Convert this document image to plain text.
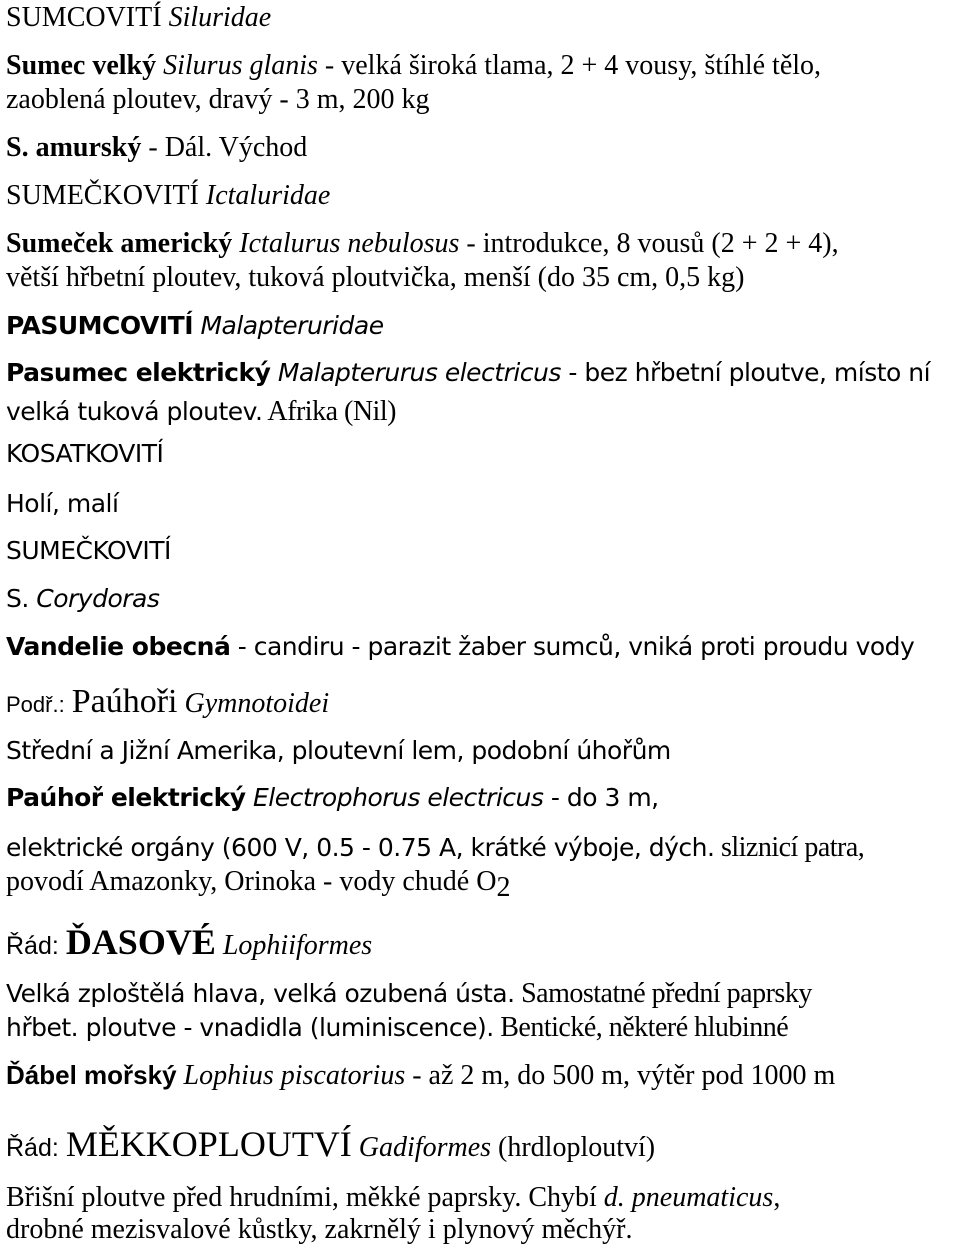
SUMCOVITÍ Siluridae
Sumec velký Silurus glanis - velká široká tlama, 2 + 4 vousy, štíhlé tělo,
zaoblená ploutev, dravý - 3 m, 200 kg
S. amurský - Dál. Východ
SUMEČKOVITÍ Ictaluridae
Sumeček americký Ictalurus nebulosus - introdukce, 8 vousů (2 + 2 + 4),
větší hřbetní ploutev, tuková ploutvička, menší (do 35 cm, 0,5 kg)
PASUMCOVITÍ Malapteruridae
Pasumec elektrický Malapterurus electricus - bez hřbetní ploutve, místo ní
velká tuková ploutev. Afrika (Nil)
KOSATKOVITÍ
Holí, malí
SUMEČKOVITÍ
S. Corydoras
Vandelie obecná - candiru - parazit žaber sumců, vniká proti proudu vody
Podř.: Paúhoři Gymnotoidei
Střední a Jižní Amerika, ploutevní lem, podobní úhořům
Paúhoř elektrický Electrophorus electricus - do 3 m,
elektrické orgány (600 V, 0.5 - 0.75 A, krátké výboje, dých. sliznicí patra,
povodí Amazonky, Orinoka - vody chudé $O_2$
Řád: ĎASOVÉ Lophiiformes
Velká zploštělá hlava, velká ozubená ústa. Samostatné přední paprsky
hřbet. ploutve - vnadidla (luminiscence). Bentické, některé hlubinné
Ďábel mořský Lophius piscatorius - až 2 m, do 500 m, výtěr pod 1000 m
Řád: MĚKKOPLOUTVÍ Gadiformes (hrdloploutví)
Břišní ploutve před hrudními, měkké paprsky. Chybí d. pneumaticus,
drobné mezisvalové kůstky, zakrnělý i plynový měchýř.
